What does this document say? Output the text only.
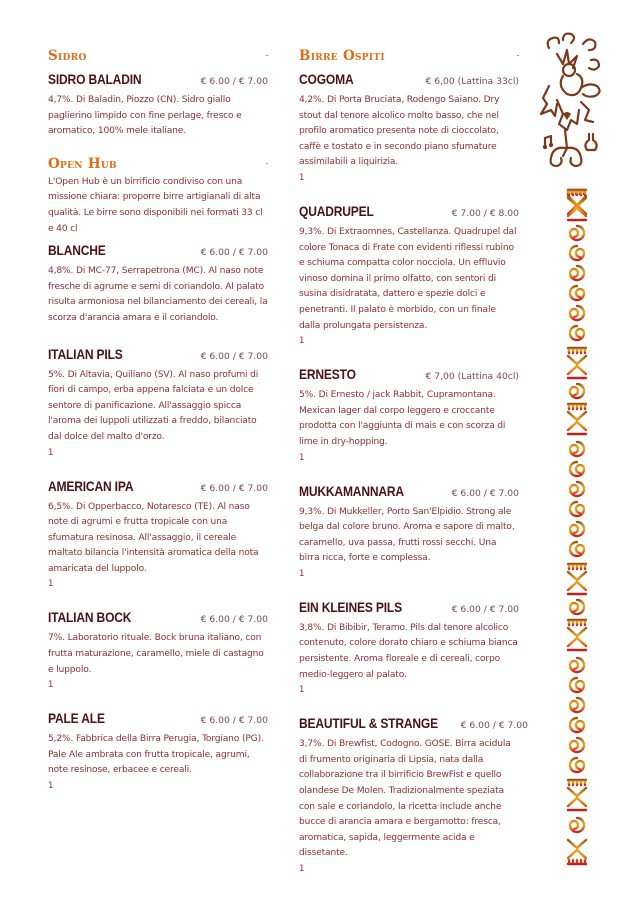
Sidro
SIDRO BALADIN	€ 6.00 / € 7.00
4,7%. Di Baladin, Piozzo (CN). Sidro giallo paglierino limpido con fine perlage, fresco e aromatico, 100% mele italiane.
Open Hub
L'Open Hub è un birrificio condiviso con una missione chiara: proporre birre artigianali di alta qualità. Le birre sono disponibili nei formati 33 cl e 40 cl
BLANCHE	€ 6.00 / € 7.00
4,8%. Di MC-77, Serrapetrona (MC). Al naso note fresche di agrume e semi di coriandolo. Al palato risulta armoniosa nel bilanciamento dei cereali, la scorza d'arancia amara e il coriandolo.
ITALIAN PILS	€ 6.00 / € 7.00
5%. Di Altavia, Quiliano (SV). Al naso profumi di fiori di campo, erba appena falciata e un dolce sentore di panificazione. All'assaggio spicca l'aroma dei luppoli utilizzati a freddo, bilanciato dal dolce del malto d'orzo.
1
AMERICAN IPA	€ 6.00 / € 7.00
6,5%. Di Opperbacco, Notaresco (TE). Al naso note di agrumi e frutta tropicale con una sfumatura resinosa. All'assaggio, il cereale maltato bilancia l'intensità aromatica della nota amaricata del luppolo.
1
ITALIAN BOCK	€ 6.00 / € 7.00
7%. Laboratorio rituale. Bock bruna italiano, con frutta maturazione, caramello, miele di castagno e luppolo.
1
PALE ALE	€ 6.00 / € 7.00
5,2%. Fabbrica della Birra Perugia, Torgiano (PG). Pale Ale ambrata con frutta tropicale, agrumi, note resinose, erbacee e cereali.
1
Birre Ospiti
COGOMA	€ 6,00 (Lattina 33cl)
4,2%. Di Porta Bruciata, Rodengo Saiano. Dry stout dal tenore alcolico molto basso, che nel profilo aromatico presenta note di cioccolato, caffè e tostato e in secondo piano sfumature assimilabili a liquirizia.
1
QUADRUPEL	€ 7.00 / € 8.00
9,3%. Di Extraomnes, Castellanza. Quadrupel dal colore Tonaca di Frate con evidenti riflessi rubino e schiuma compatta color nocciola. Un effluvio vinoso domina il primo olfatto, con sentori di susina disidratata, dattero e spezie dolci e penetranti. Il palato è morbido, con un finale dalla prolungata persistenza.
1
ERNESTO	€ 7,00 (Lattina 40cl)
5%. Di Ernesto / jack Rabbit, Cupramontana. Mexican lager dal corpo leggero e croccante prodotta con l'aggiunta di mais e con scorza di lime in dry-hopping.
1
MUKKAMANNARA	€ 6.00 / € 7.00
9,3%. Di Mukkeller, Porto San'Elpidio. Strong ale belga dal colore bruno. Aroma e sapore di malto, caramello, uva passa, frutti rossi secchi. Una birra ricca, forte e complessa.
1
EIN KLEINES PILS	€ 6.00 / € 7.00
3,8%. Di Bibibir, Teramo. Pils dal tenore alcolico contenuto, colore dorato chiaro e schiuma bianca persistente. Aroma floreale e di cereali, corpo medio-leggero al palato.
1
BEAUTIFUL & STRANGE € 6.00 / € 7.00
3,7%. Di Brewfist, Codogno. GOSE. Birra acidula di frumento originaria di Lipsia, nata dalla collaborazione tra il birrificio BrewFist e quello olandese De Molen. Tradizionalmente speziata con sale e coriandolo, la ricetta include anche bucce di arancia amara e bergamotto: fresca, aromatica, sapida, leggermente acida e dissetante.
1
